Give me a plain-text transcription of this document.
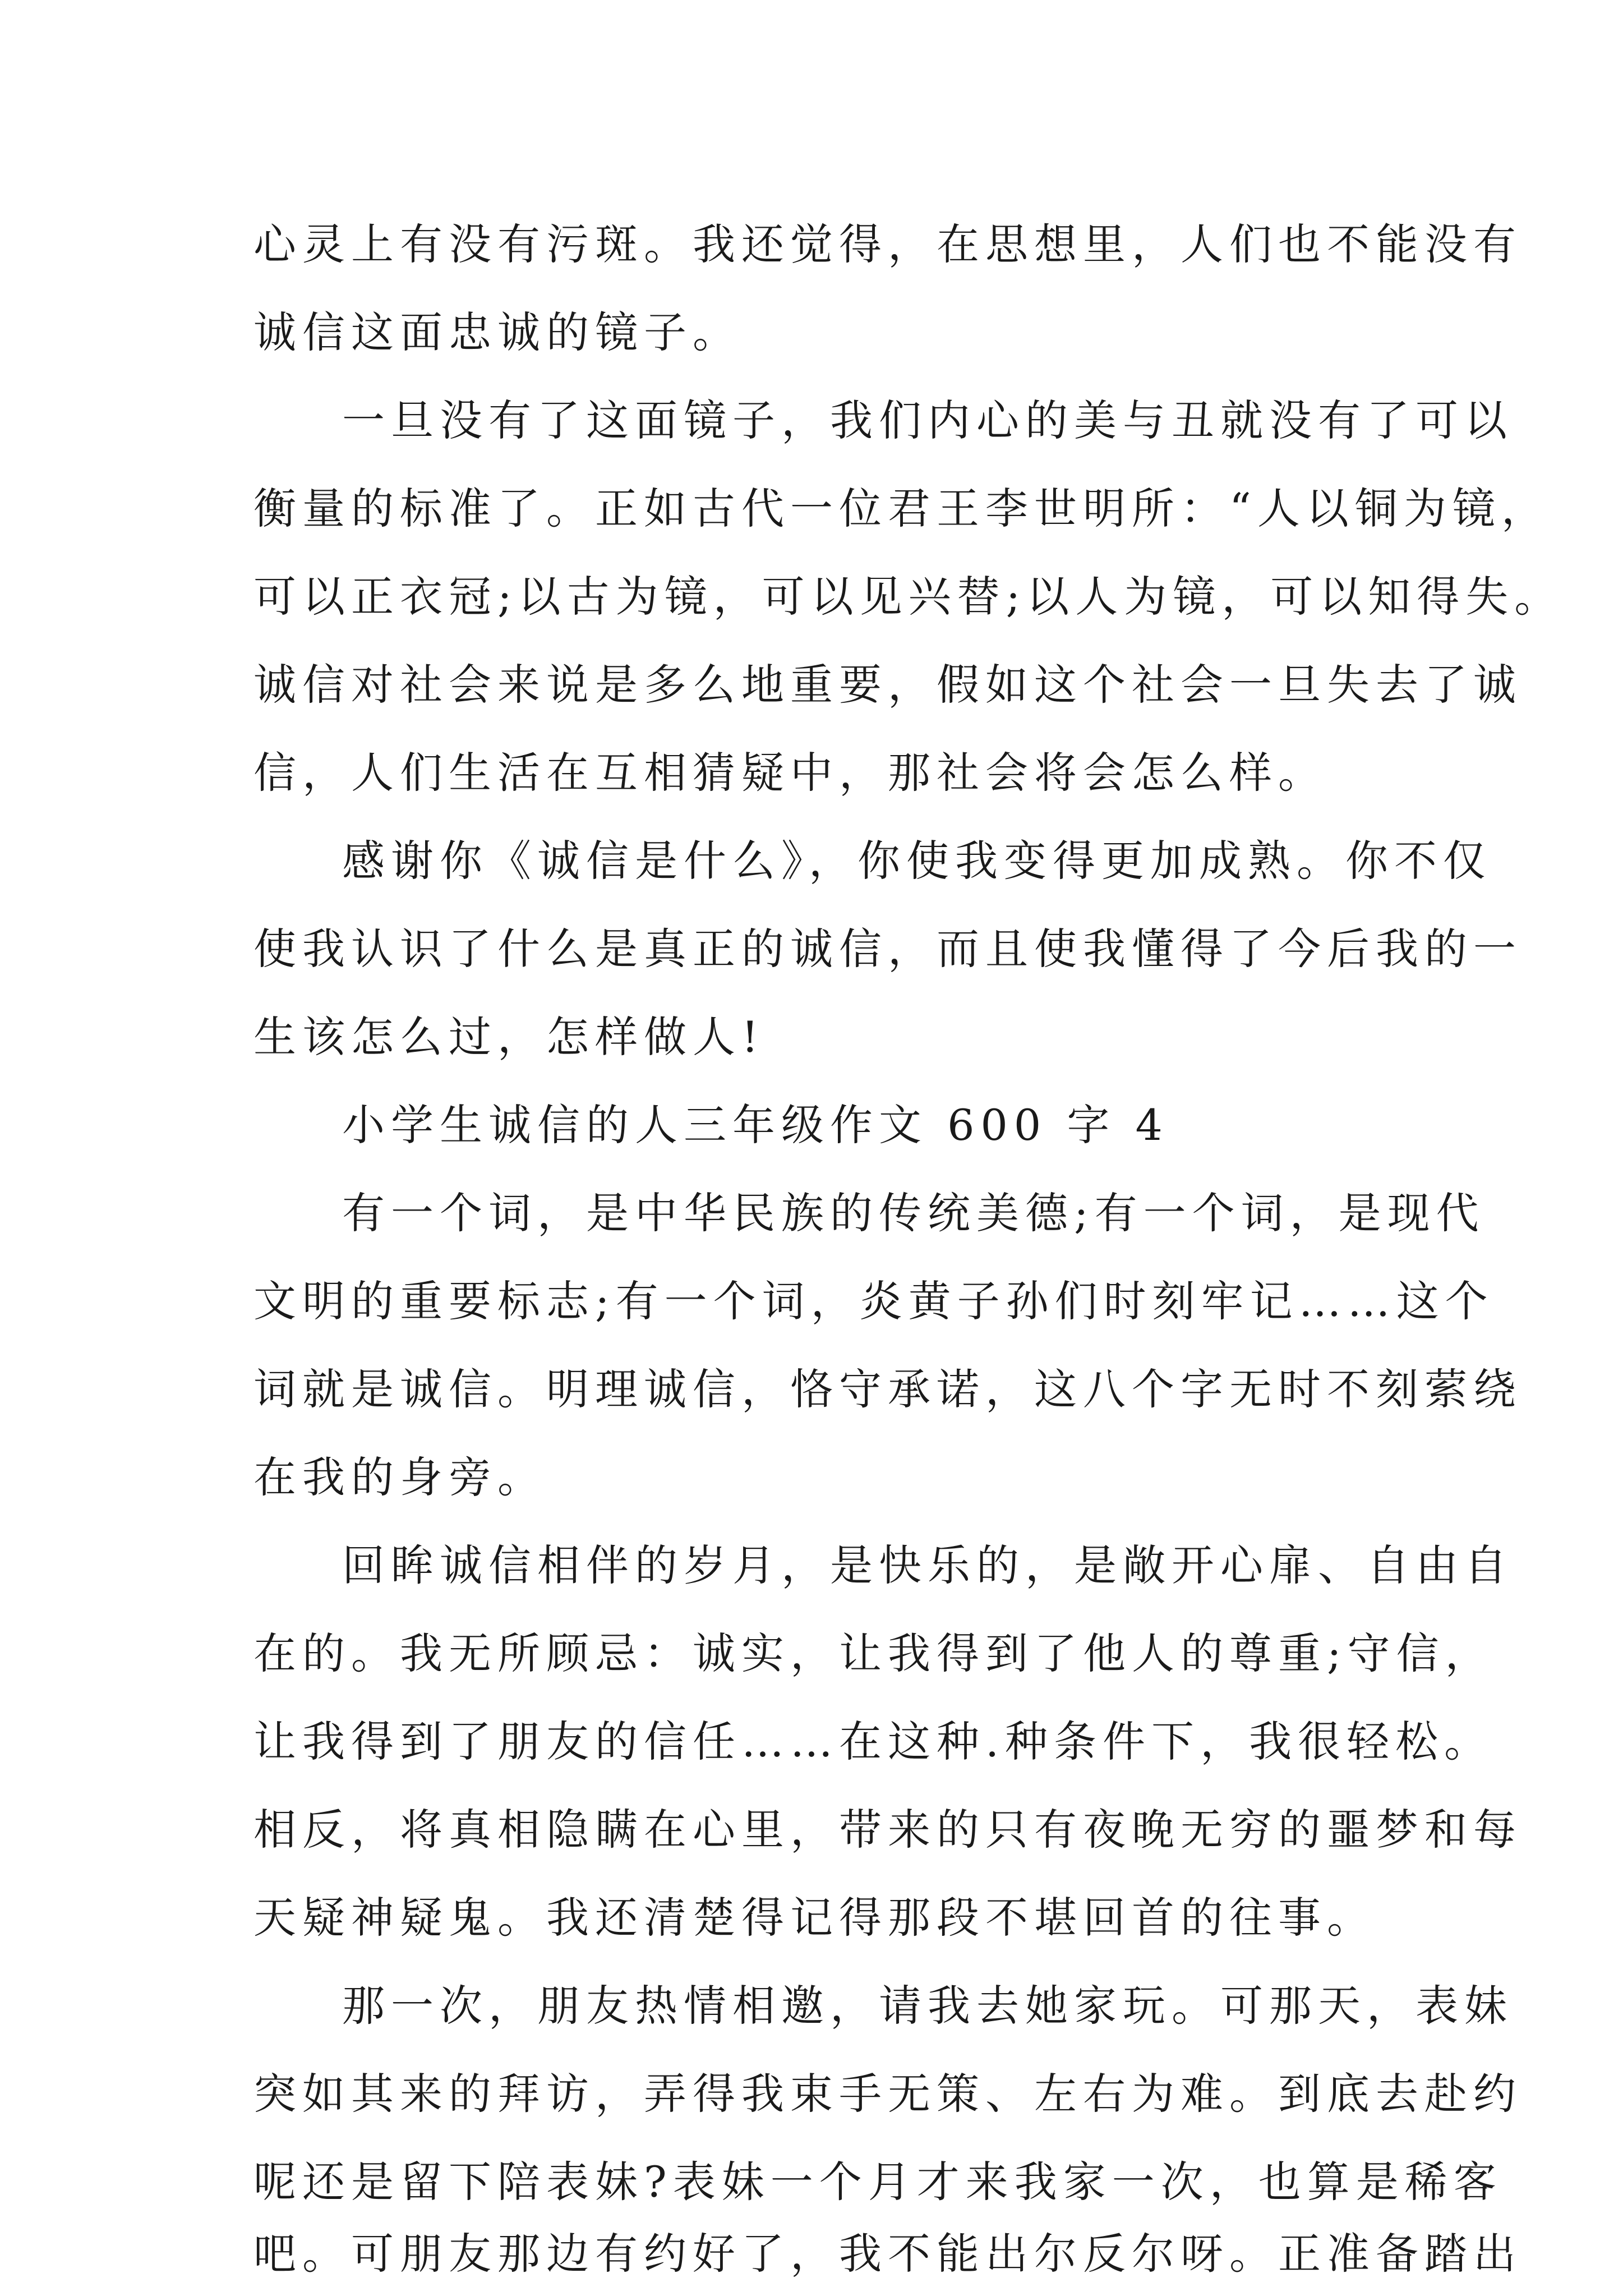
心灵上有没有污斑。我还觉得，在思想里，人们也不能没有
诚信这面忠诚的镜子。
一旦没有了这面镜子，我们内心的美与丑就没有了可以
衡量的标准了。正如古代一位君王李世明所：“人以铜为镜，
可以正衣冠;以古为镜，可以见兴替;以人为镜，可以知得失。
诚信对社会来说是多么地重要，假如这个社会一旦失去了诚
信，人们生活在互相猜疑中，那社会将会怎么样。
感谢你《诚信是什么》，你使我变得更加成熟。你不仅
使我认识了什么是真正的诚信，而且使我懂得了今后我的一
生该怎么过，怎样做人!
小学生诚信的人三年级作文 600 字 4
有一个词，是中华民族的传统美德;有一个词，是现代
文明的重要标志;有一个词，炎黄子孙们时刻牢记……这个
词就是诚信。明理诚信，恪守承诺，这八个字无时不刻萦绕
在我的身旁。
回眸诚信相伴的岁月，是快乐的，是敞开心扉、自由自
在的。我无所顾忌：诚实，让我得到了他人的尊重;守信，
让我得到了朋友的信任……在这种.种条件下，我很轻松。
相反，将真相隐瞒在心里，带来的只有夜晚无穷的噩梦和每
天疑神疑鬼。我还清楚得记得那段不堪回首的往事。
那一次，朋友热情相邀，请我去她家玩。可那天，表妹
突如其来的拜访，弄得我束手无策、左右为难。到底去赴约
呢还是留下陪表妹?表妹一个月才来我家一次，也算是稀客
吧。可朋友那边有约好了，我不能出尔反尔呀。正准备踏出
